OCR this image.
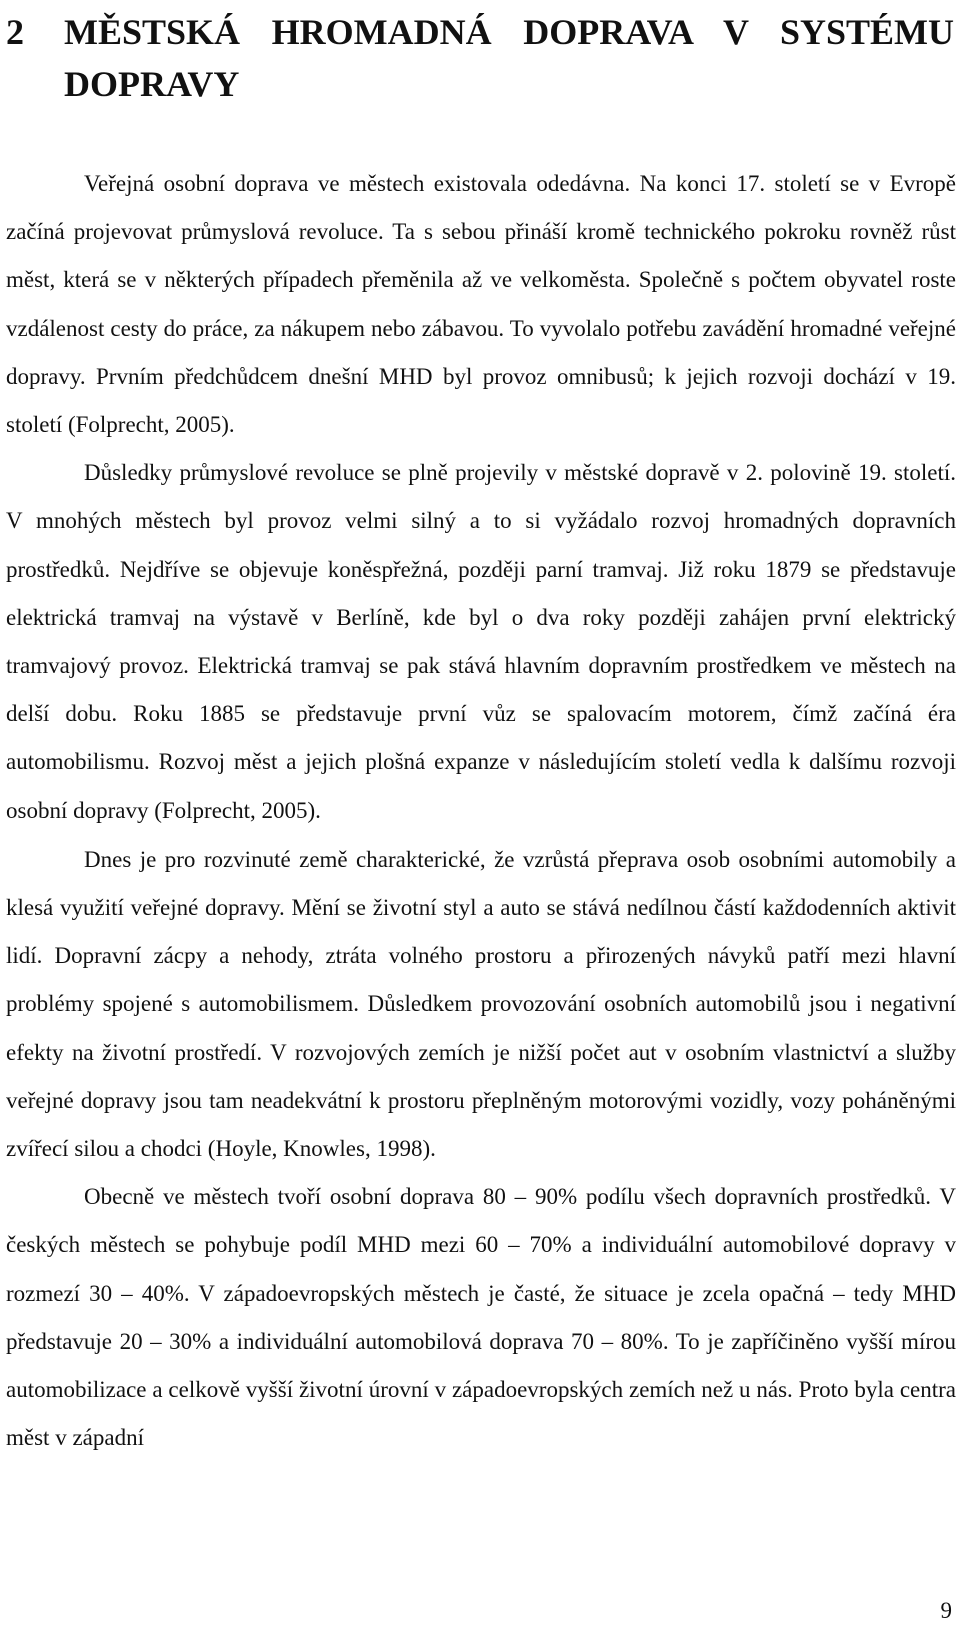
2 MĚSTSKÁ HROMADNÁ DOPRAVA V SYSTÉMU
DOPRAVY

Veřejná osobní doprava ve městech existovala odedávna. Na konci 17. století se v Evropě začíná projevovat průmyslová revoluce. Ta s sebou přináší kromě technického pokroku rovněž růst měst, která se v některých případech přeměnila až ve velkoměsta. Společně s počtem obyvatel roste vzdálenost cesty do práce, za nákupem nebo zábavou. To vyvolalo potřebu zavádění hromadné veřejné dopravy. Prvním předchůdcem dnešní MHD byl provoz omnibusů; k jejich rozvoji dochází v 19. století (Folprecht, 2005).

Důsledky průmyslové revoluce se plně projevily v městské dopravě v 2. polovině 19. století. V mnohých městech byl provoz velmi silný a to si vyžádalo rozvoj hromadných dopravních prostředků. Nejdříve se objevuje koněspřežná, později parní tramvaj. Již roku 1879 se představuje elektrická tramvaj na výstavě v Berlíně, kde byl o dva roky později zahájen první elektrický tramvajový provoz. Elektrická tramvaj se pak stává hlavním dopravním prostředkem ve městech na delší dobu. Roku 1885 se představuje první vůz se spalovacím motorem, čímž začíná éra automobilismu. Rozvoj měst a jejich plošná expanze v následujícím století vedla k dalšímu rozvoji osobní dopravy (Folprecht, 2005).

Dnes je pro rozvinuté země charakterické, že vzrůstá přeprava osob osobními automobily a klesá využití veřejné dopravy. Mění se životní styl a auto se stává nedílnou částí každodenních aktivit lidí. Dopravní zácpy a nehody, ztráta volného prostoru a přirozených návyků patří mezi hlavní problémy spojené s automobilismem. Důsledkem provozování osobních automobilů jsou i negativní efekty na životní prostředí. V rozvojových zemích je nižší počet aut v osobním vlastnictví a služby veřejné dopravy jsou tam neadekvátní k prostoru přeplněným motorovými vozidly, vozy poháněnými zvířecí silou a chodci (Hoyle, Knowles, 1998).

Obecně ve městech tvoří osobní doprava 80 – 90% podílu všech dopravních prostředků. V českých městech se pohybuje podíl MHD mezi 60 – 70% a individuální automobilové dopravy v rozmezí 30 – 40%. V západoevropských městech je časté, že situace je zcela opačná – tedy MHD představuje 20 – 30% a individuální automobilová doprava 70 – 80%. To je zapříčiněno vyšší mírou automobilizace a celkově vyšší životní úrovní v západoevropských zemích než u nás. Proto byla centra měst v západní

9
